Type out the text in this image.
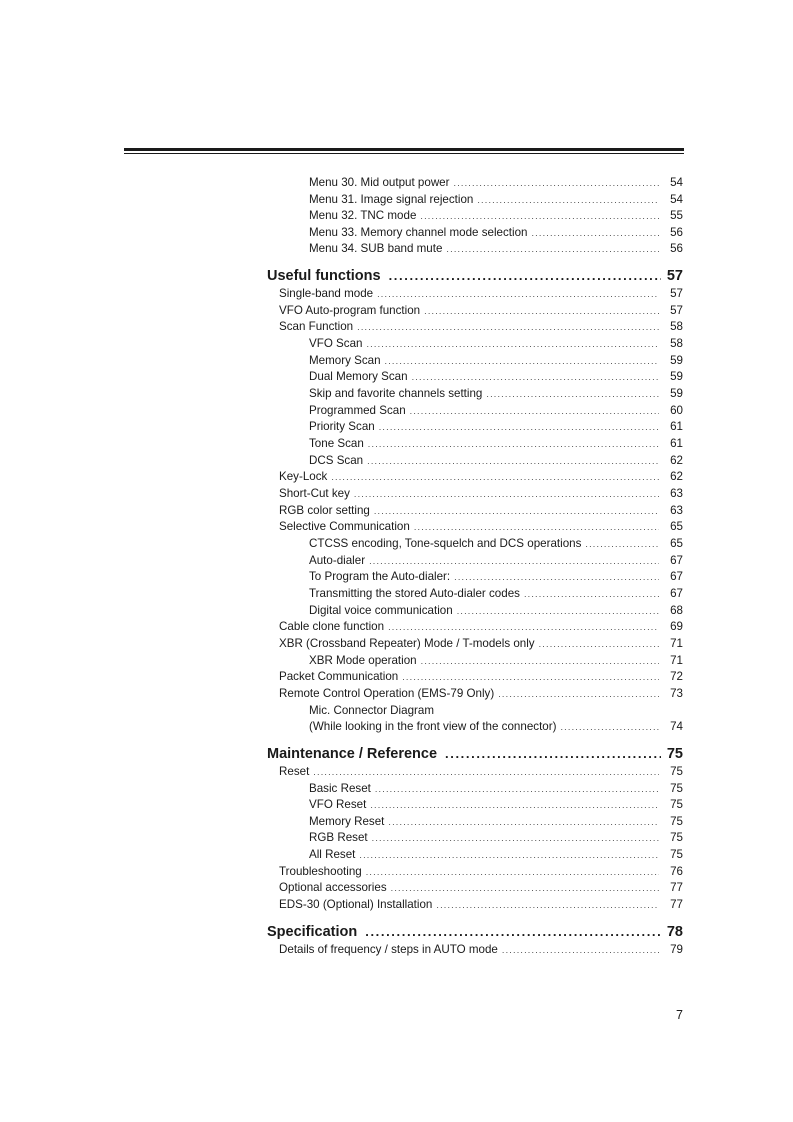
Menu 30. Mid output power .....	54
Menu 31. Image signal rejection .....	54
Menu 32. TNC mode .....	55
Menu 33. Memory channel mode selection .....	56
Menu 34. SUB band mute .....	56
Useful functions .....	57
Single-band mode .....	57
VFO Auto-program function .....	57
Scan Function .....	58
VFO Scan .....	58
Memory Scan .....	59
Dual Memory Scan .....	59
Skip and favorite channels setting .....	59
Programmed Scan .....	60
Priority Scan .....	61
Tone Scan .....	61
DCS Scan .....	62
Key-Lock .....	62
Short-Cut key .....	63
RGB color setting .....	63
Selective Communication .....	65
CTCSS encoding, Tone-squelch and DCS operations .....	65
Auto-dialer .....	67
To Program the Auto-dialer: .....	67
Transmitting the stored Auto-dialer codes .....	67
Digital voice communication .....	68
Cable clone function .....	69
XBR (Crossband Repeater) Mode / T-models only .....	71
XBR Mode operation .....	71
Packet Communication .....	72
Remote Control Operation (EMS-79 Only) .....	73
Mic. Connector Diagram
(While looking in the front view of the connector) .....	74
Maintenance / Reference .....	75
Reset .....	75
Basic Reset .....	75
VFO Reset .....	75
Memory Reset .....	75
RGB Reset .....	75
All Reset .....	75
Troubleshooting .....	76
Optional accessories .....	77
EDS-30 (Optional) Installation .....	77
Specification .....	78
Details of frequency / steps in AUTO mode .....	79
7
